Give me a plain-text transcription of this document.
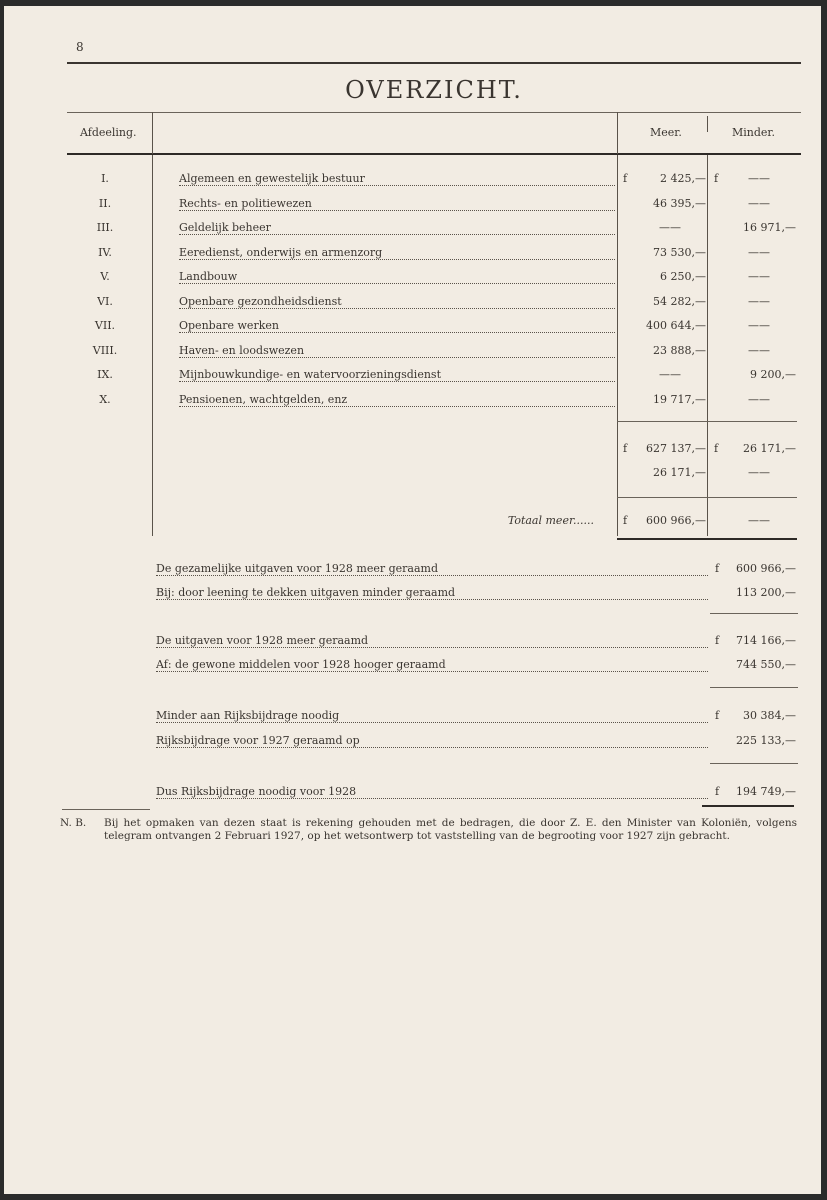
8
OVERZICHT.
Afdeeling.	Meer.	Minder.
I.	Algemeen en gewestelijk bestuur	f	2 425,— f	——
II.	Rechts- en politiewezen	46 395,—	——
III.	Geldelijk beheer	——	16 971,—
IV.	Eeredienst, onderwijs en armenzorg	73 530,—	——
V.	Landbouw	6 250,—	——
VI.	Openbare gezondheidsdienst	54 282,—	——
VII.	Openbare werken	400 644,—	——
VIII.	Haven- en loodswezen	23 888,—	——
IX.	Mijnbouwkundige- en watervoorzieningsdienst	——	9 200,—
X.	Pensioenen, wachtgelden, enz	19 717,—	——
f	627 137,— f	26 171,—
26 171,—	——
Totaal meer......	f	600 966,—	——
De gezamelijke uitgaven voor 1928 meer geraamd	f	600 966,—
Bij: door leening te dekken uitgaven minder geraamd	113 200,—
De uitgaven voor 1928 meer geraamd	f	714 166,—
Af: de gewone middelen voor 1928 hooger geraamd	744 550,—
Minder aan Rijksbijdrage noodig	f	30 384,—
Rijksbijdrage voor 1927 geraamd op	225 133,—
Dus Rijksbijdrage noodig voor 1928	f	194 749,—
N. B. Bij het opmaken van dezen staat is rekening gehouden met de bedragen, die door Z. E. den Minister van Koloniën, volgens telegram ontvangen 2 Februari 1927, op het wetsontwerp tot vaststelling van de begrooting voor 1927 zijn gebracht.
